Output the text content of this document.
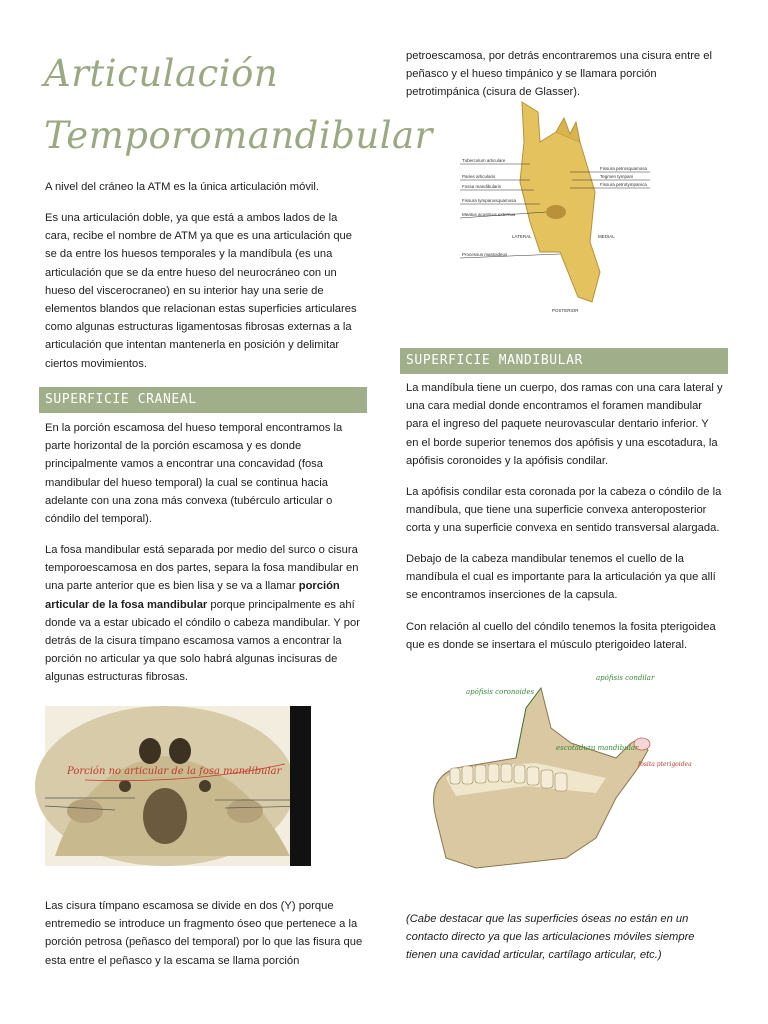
Articulación
Temporomandibular

A nivel del cráneo la ATM es la única articulación móvil.

Es una articulación doble, ya que está a ambos lados de la cara, recibe el nombre de ATM ya que es una articulación que se da entre los huesos temporales y la mandíbula (es una articulación que se da entre hueso del neurocráneo con un hueso del viscerocraneo) en su interior hay una serie de elementos blandos que relacionan estas superficies articulares como algunas estructuras ligamentosas fibrosas externas a la articulación que intentan mantenerla en posición y delimitar ciertos movimientos.

SUPERFICIE CRANEAL

En la porción escamosa del hueso temporal encontramos la parte horizontal de la porción escamosa y es donde principalmente vamos a encontrar una concavidad (fosa mandibular del hueso temporal) la cual se continua hacia adelante con una zona más convexa (tubérculo articular o cóndilo del temporal).

La fosa mandibular está separada por medio del surco o cisura temporoescamosa en dos partes, separa la fosa mandibular en una parte anterior que es bien lisa y se va a llamar porción articular de la fosa mandibular porque principalmente es ahí donde va a estar ubicado el cóndilo o cabeza mandibular. Y por detrás de la cisura tímpano escamosa vamos a encontrar la porción no articular ya que solo habrá algunas incisuras de algunas estructuras fibrosas.

Porción no articular de la fosa mandibular

Las cisura tímpano escamosa se divide en dos (Y) porque entremedio se introduce un fragmento óseo que pertenece a la porción petrosa (peñasco del temporal) por lo que las fisura que esta entre el peñasco y la escama se llama porción

petroescamosa, por detrás encontraremos una cisura entre el peñasco y el hueso timpánico y se llamara porción petrotimpánica (cisura de Glasser).

Tuberculum articulare
Paries articularis
Fossa mandibularis
Fissura tympanosquamosa
Meatus acusticus externus
Processus mastoideus
Fissura petrosquamosa
Tegmen tympani
Fissura petrotympanica
LATERAL	MEDIAL
POSTERIOR
SUPERFICIE MANDIBULAR

La mandíbula tiene un cuerpo, dos ramas con una cara lateral y una cara medial donde encontramos el foramen mandibular para el ingreso del paquete neurovascular dentario inferior. Y en el borde superior tenemos dos apófisis y una escotadura, la apófisis coronoides y la apófisis condilar.

La apófisis condilar esta coronada por la cabeza o cóndilo de la mandíbula, que tiene una superficie convexa anteroposterior corta y una superficie convexa en sentido transversal alargada.

Debajo de la cabeza mandibular tenemos el cuello de la mandíbula el cual es importante para la articulación ya que allí se encontramos inserciones de la capsula.

Con relación al cuello del cóndilo tenemos la fosita pterigoidea que es donde se insertara el músculo pterigoideo lateral.

apófisis coronoides
apófisis condilar
escotadura mandibular
fosita pterigoidea

(Cabe destacar que las superficies óseas no están en un contacto directo ya que las articulaciones móviles siempre tienen una cavidad articular, cartílago articular, etc.)
